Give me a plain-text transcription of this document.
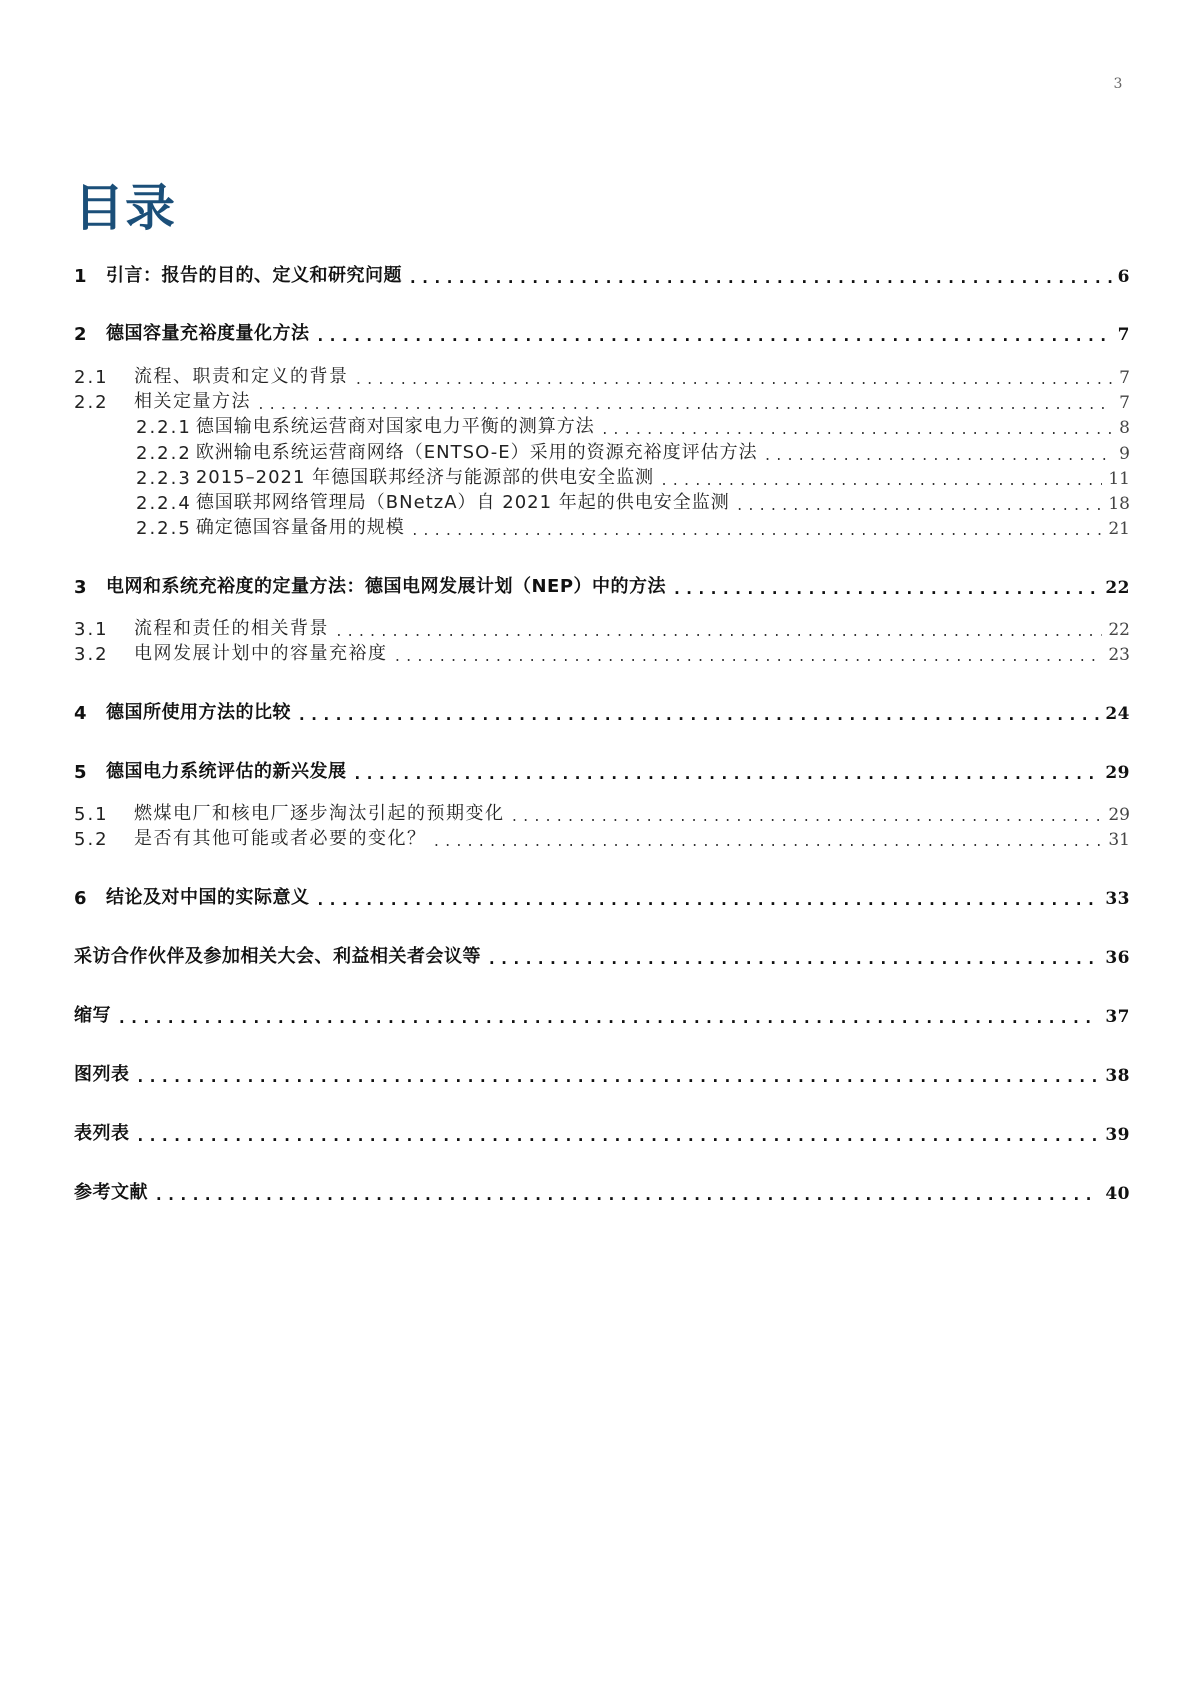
3
目录
1	引言：报告的目的、定义和研究问题 .....	6
2	德国容量充裕度量化方法 .....	7
2.1	流程、职责和定义的背景 .....	7
2.2	相关定量方法 .....	7
2.2.1 德国输电系统运营商对国家电力平衡的测算方法 .....	8
2.2.2 欧洲输电系统运营商网络（ENTSO-E）采用的资源充裕度评估方法 .....	9
2.2.3 2015–2021 年德国联邦经济与能源部的供电安全监测 .....	11
2.2.4 德国联邦网络管理局（BNetzA）自 2021 年起的供电安全监测 .....	18
2.2.5 确定德国容量备用的规模 .....	21
3	电网和系统充裕度的定量方法：德国电网发展计划（NEP）中的方法 .....	22
3.1	流程和责任的相关背景 .....	22
3.2	电网发展计划中的容量充裕度 .....	23
4	德国所使用方法的比较 .....	24
5	德国电力系统评估的新兴发展 .....	29
5.1	燃煤电厂和核电厂逐步淘汰引起的预期变化 .....	29
5.2	是否有其他可能或者必要的变化？ .....	31
6	结论及对中国的实际意义 .....	33
采访合作伙伴及参加相关大会、利益相关者会议等 .....	36
缩写 .....	37
图列表 .....	38
表列表 .....	39
参考文献 .....	40
